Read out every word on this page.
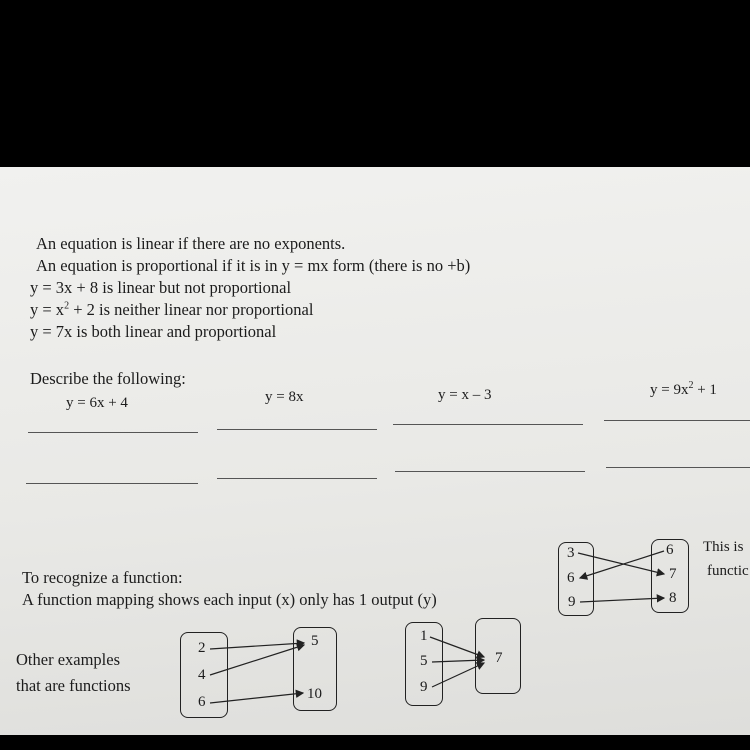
An equation is linear if there are no exponents.
An equation is proportional if it is in y = mx form (there is no +b)
y = 3x + 8 is linear but not proportional
$y = x^2 + 2$ is neither linear nor proportional
y = 7x is both linear and proportional
Describe the following:
y = 6x + 4	y = 8x	y = x – 3	$y = 9x^2 + 1$
To recognize a function:
A function mapping shows each input (x) only has 1 output (y)
Other examples
that are functions
2
4
6
5
10
1
5
9
7
3
6
9
6
7
8
This is
functic
